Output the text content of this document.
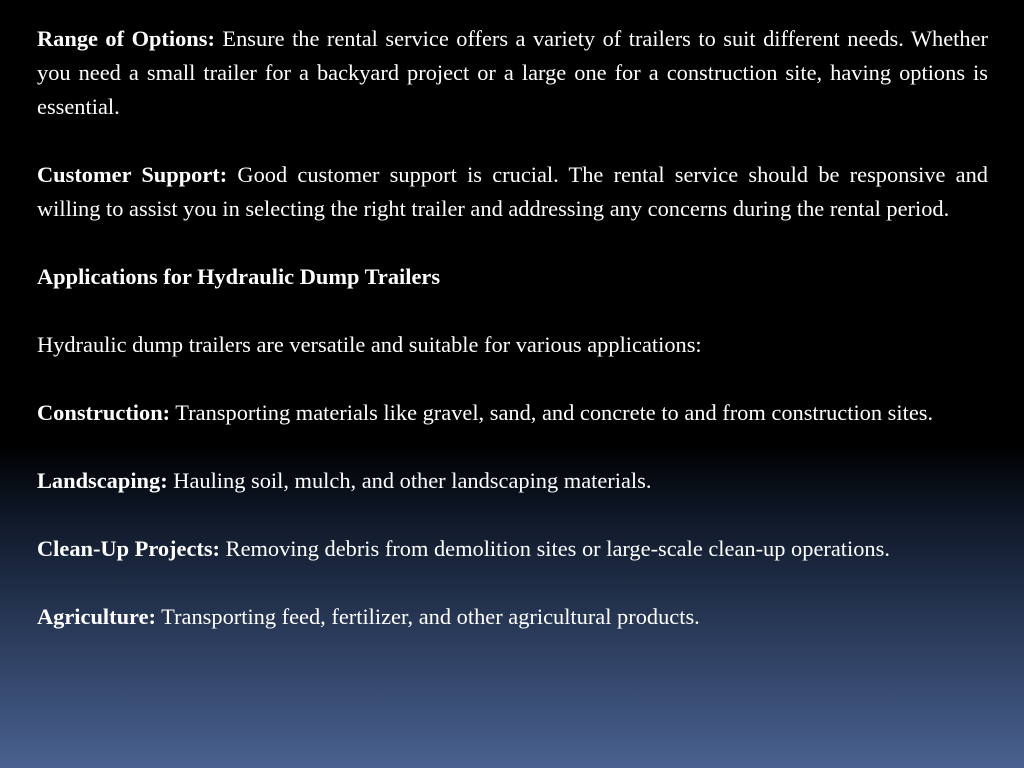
Range of Options: Ensure the rental service offers a variety of trailers to suit different needs. Whether you need a small trailer for a backyard project or a large one for a construction site, having options is essential.

Customer Support: Good customer support is crucial. The rental service should be responsive and willing to assist you in selecting the right trailer and addressing any concerns during the rental period.

Applications for Hydraulic Dump Trailers

Hydraulic dump trailers are versatile and suitable for various applications:

Construction: Transporting materials like gravel, sand, and concrete to and from construction sites.

Landscaping: Hauling soil, mulch, and other landscaping materials.

Clean-Up Projects: Removing debris from demolition sites or large-scale clean-up operations.

Agriculture: Transporting feed, fertilizer, and other agricultural products.
